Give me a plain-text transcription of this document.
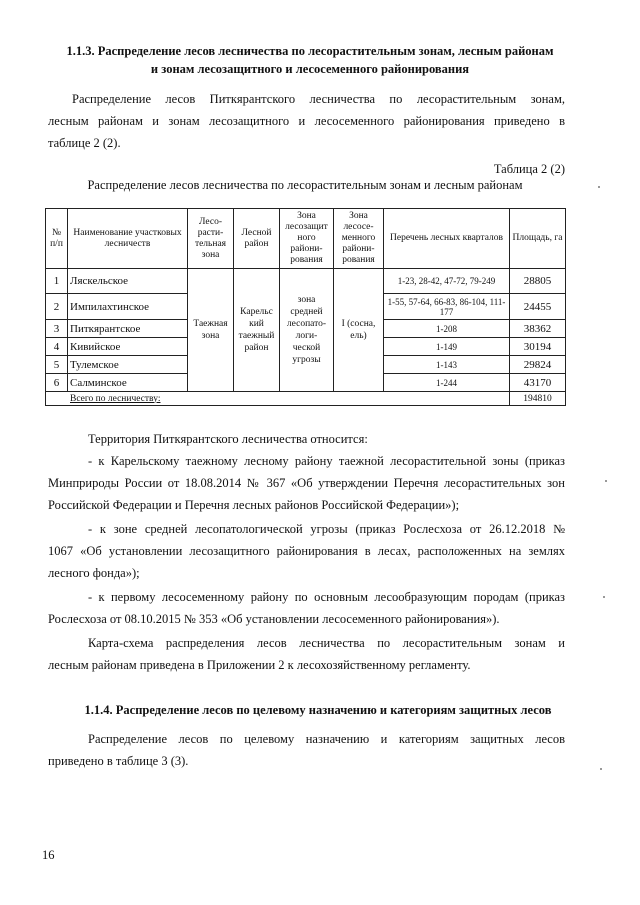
1.1.3. Распределение лесов лесничества по лесорастительным зонам, лесным районам
и зонам лесозащитного и лесосеменного районирования
Распределение лесов Питкярантского лесничества по лесорастительным зонам,
лесным районам и зонам лесозащитного и лесосеменного районирования приведено в
таблице 2 (2).
Таблица 2 (2)
Распределение лесов лесничества по лесорастительным зонам и лесным районам
№ п/п	Наименование участковых лесничеств	Лесо-расти-тельная зона	Лесной район	Зона лесозащит ного райони-рования	Зона лесосе-менного райони-рования	Перечень лесных кварталов	Площадь, га
1	Ляскельское	Таежная зона	Карельс кий таежный район	зона средней лесопато-логи-ческой угрозы	I (сосна, ель)	1-23, 28-42, 47-72, 79-249	28805
2	Импилахтинское					1-55, 57-64, 66-83, 86-104, 111-177	24455
3	Питкярантское					1-208	38362
4	Кивийское					1-149	30194
5	Тулемское					1-143	29824
6	Салминское					1-244	43170
Всего по лесничеству:							194810
Территория Питкярантского лесничества относится:
- к Карельскому таежному лесному району таежной лесорастительной зоны (приказ
Минприроды России от 18.08.2014 № 367 «Об утверждении Перечня лесорастительных зон
Российской Федерации и Перечня лесных районов Российской Федерации»);
- к зоне средней лесопатологической угрозы (приказ Рослесхоза от 26.12.2018 №
1067 «Об установлении лесозащитного районирования в лесах, расположенных на землях
лесного фонда»);
- к первому лесосеменному району по основным лесообразующим породам (приказ
Рослесхоза от 08.10.2015 № 353 «Об установлении лесосеменного районирования»).
Карта-схема распределения лесов лесничества по лесорастительным зонам и
лесным районам приведена в Приложении 2 к лесохозяйственному регламенту.
1.1.4. Распределение лесов по целевому назначению и категориям защитных лесов
Распределение лесов по целевому назначению и категориям защитных лесов
приведено в таблице 3 (3).
16
